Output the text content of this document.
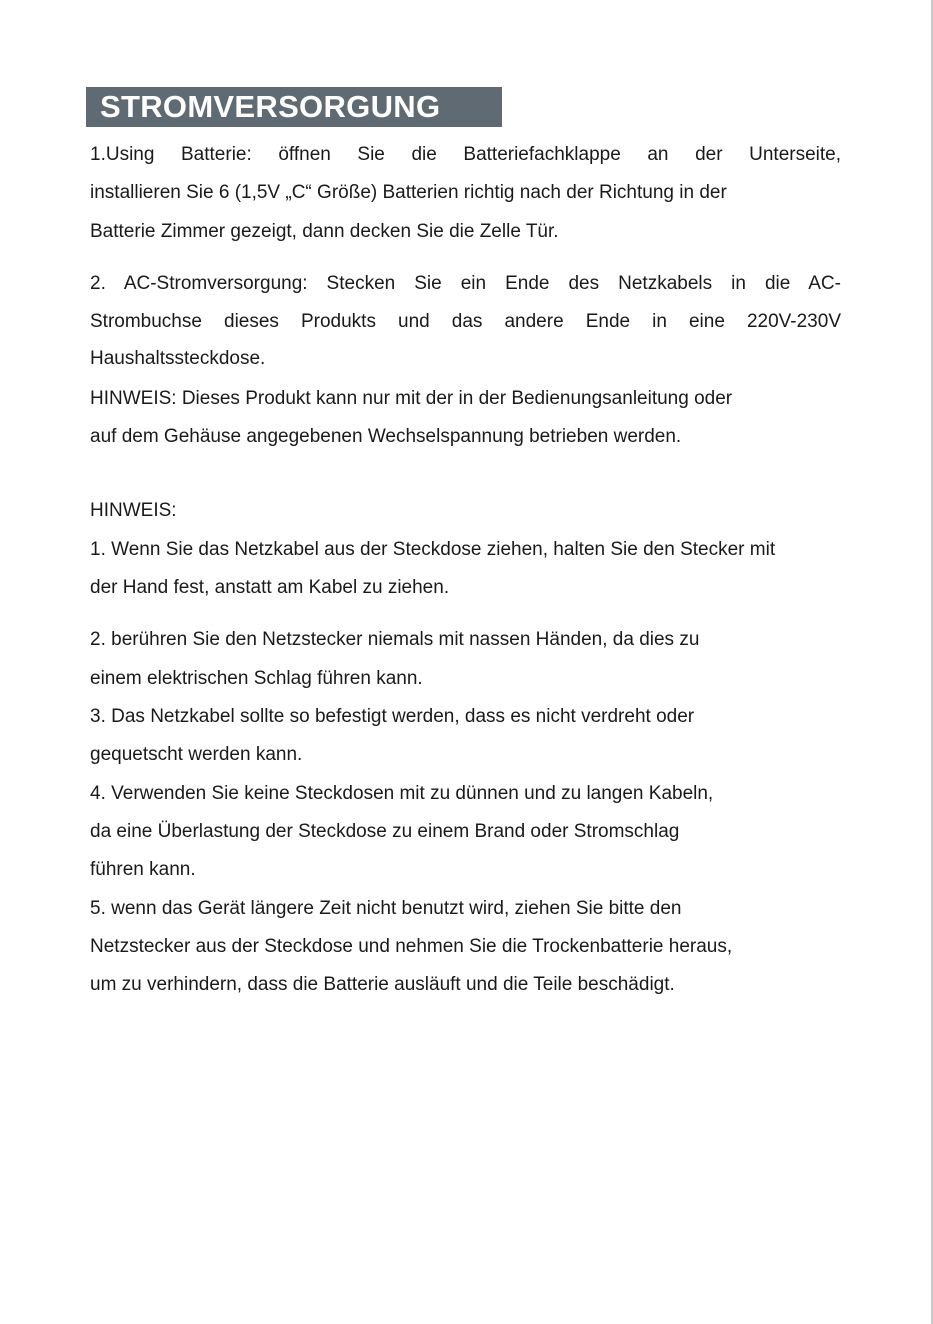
STROMVERSORGUNG
1.Using Batterie: öffnen Sie die Batteriefachklappe an der Unterseite,
installieren Sie 6 (1,5V „C“ Größe) Batterien richtig nach der Richtung in der
Batterie Zimmer gezeigt, dann decken Sie die Zelle Tür.
2. AC-Stromversorgung: Stecken Sie ein Ende des Netzkabels in die AC-
Strombuchse dieses Produkts und das andere Ende in eine 220V-230V
Haushaltssteckdose.
HINWEIS: Dieses Produkt kann nur mit der in der Bedienungsanleitung oder
auf dem Gehäuse angegebenen Wechselspannung betrieben werden.
HINWEIS:
1. Wenn Sie das Netzkabel aus der Steckdose ziehen, halten Sie den Stecker mit
der Hand fest, anstatt am Kabel zu ziehen.
2. berühren Sie den Netzstecker niemals mit nassen Händen, da dies zu
einem elektrischen Schlag führen kann.
3. Das Netzkabel sollte so befestigt werden, dass es nicht verdreht oder
gequetscht werden kann.
4. Verwenden Sie keine Steckdosen mit zu dünnen und zu langen Kabeln,
da eine Überlastung der Steckdose zu einem Brand oder Stromschlag
führen kann.
5. wenn das Gerät längere Zeit nicht benutzt wird, ziehen Sie bitte den
Netzstecker aus der Steckdose und nehmen Sie die Trockenbatterie heraus,
um zu verhindern, dass die Batterie ausläuft und die Teile beschädigt.
